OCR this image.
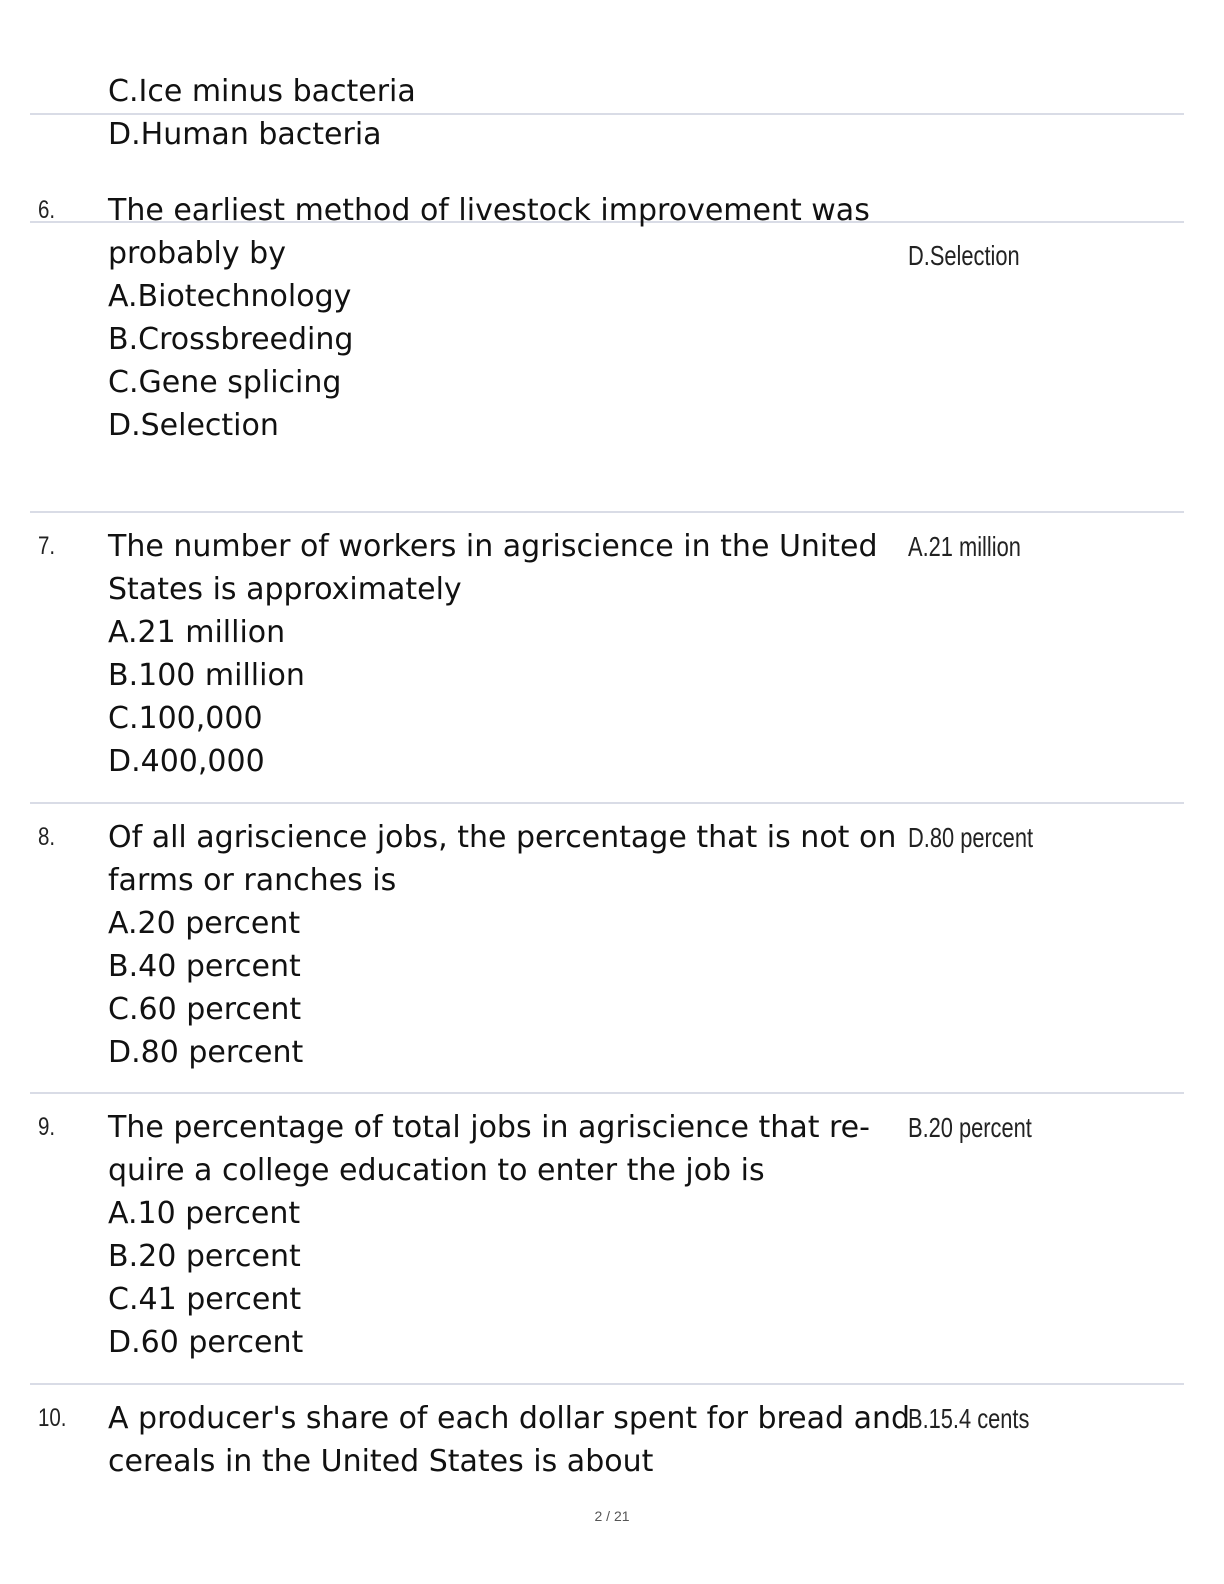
C.Ice minus bacteria
D.Human bacteria
6. The earliest method of livestock improvement was
probably by
A.Biotechnology
B.Crossbreeding
C.Gene splicing
D.Selection
D.Selection
7. The number of workers in agriscience in the United
States is approximately
A.21 million
B.100 million
C.100,000
D.400,000
A.21 million
8. Of all agriscience jobs, the percentage that is not on
farms or ranches is
A.20 percent
B.40 percent
C.60 percent
D.80 percent
D.80 percent
9. The percentage of total jobs in agriscience that re-
quire a college education to enter the job is
A.10 percent
B.20 percent
C.41 percent
D.60 percent
B.20 percent
10. A producer's share of each dollar spent for bread and
cereals in the United States is about
B.15.4 cents
2 / 21
